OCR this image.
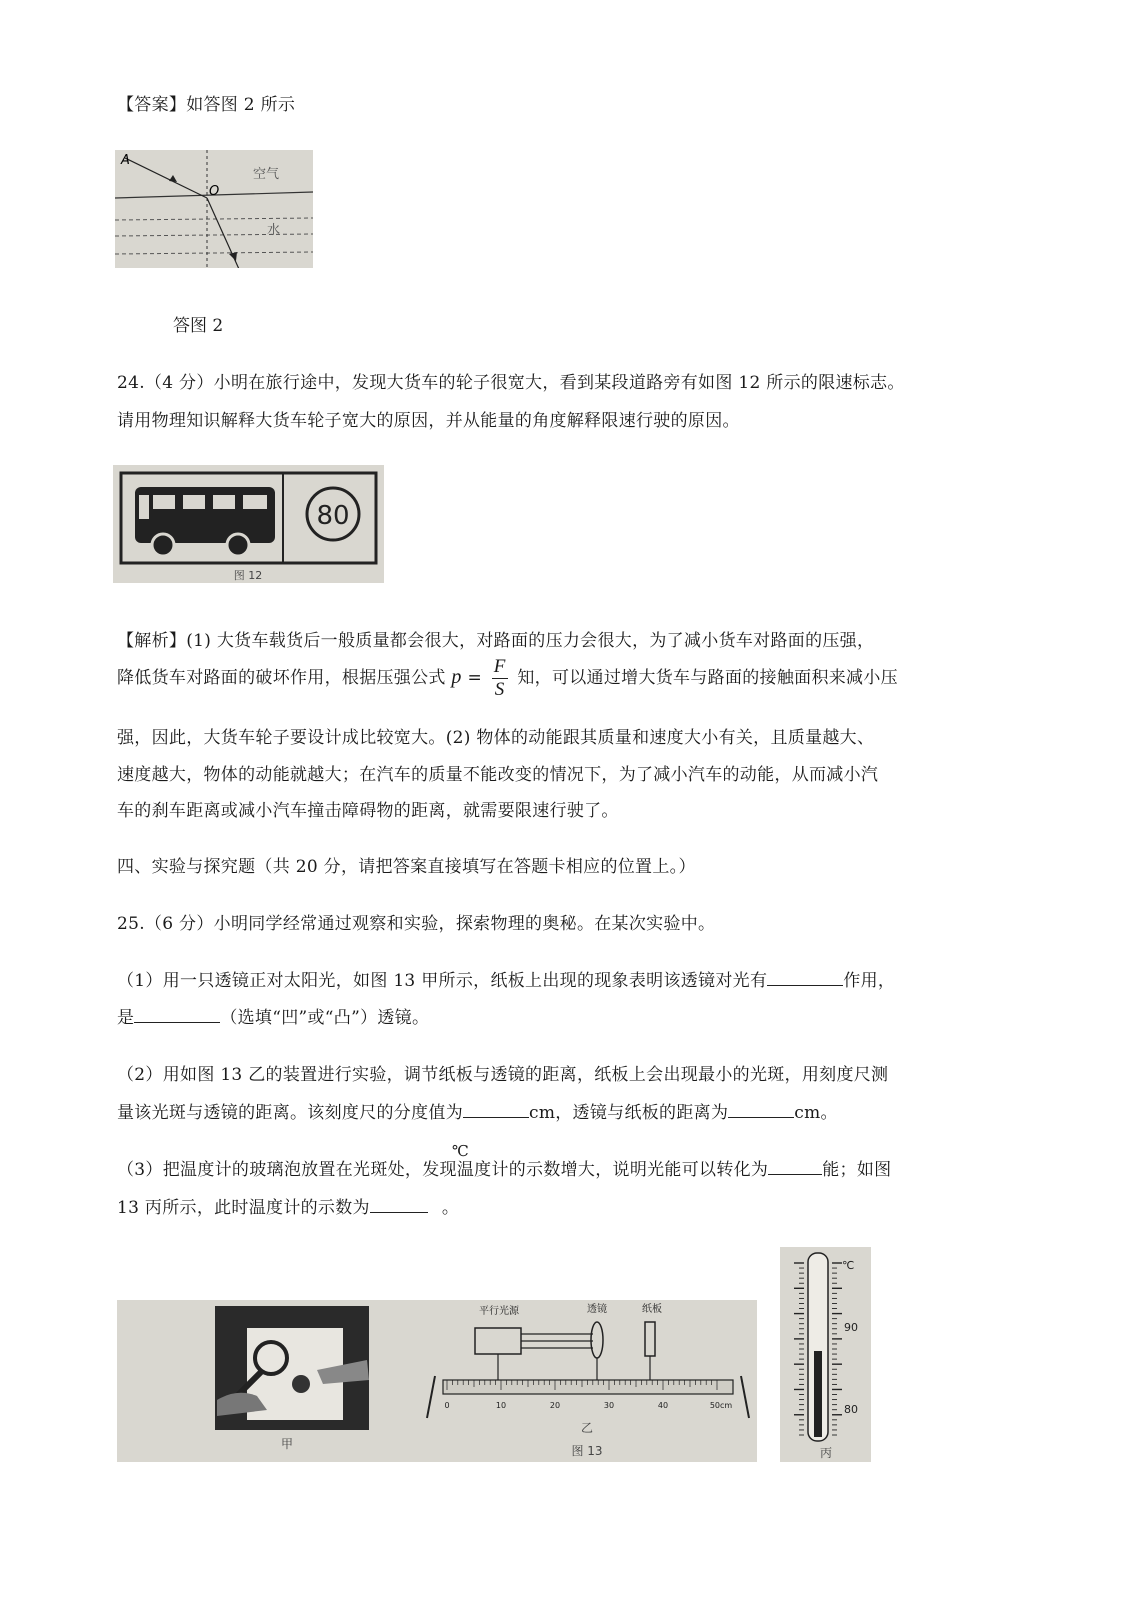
【答案】如答图 2 所示
A
O
空气
水
答图 2
24.（4 分）小明在旅行途中，发现大货车的轮子很宽大，看到某段道路旁有如图 12 所示的限速标志。
请用物理知识解释大货车轮子宽大的原因，并从能量的角度解释限速行驶的原因。
80
图 12
【解析】(1) 大货车载货后一般质量都会很大，对路面的压力会很大，为了减小货车对路面的压强，
降低货车对路面的破坏作用，根据压强公式 $p = \frac{F}{S}$ 知，可以通过增大货车与路面的接触面积来减小压
强，因此，大货车轮子要设计成比较宽大。(2) 物体的动能跟其质量和速度大小有关，且质量越大、
速度越大，物体的动能就越大；在汽车的质量不能改变的情况下，为了减小汽车的动能，从而减小汽
车的刹车距离或减小汽车撞击障碍物的距离，就需要限速行驶了。
四、实验与探究题（共 20 分，请把答案直接填写在答题卡相应的位置上。）
25.（6 分）小明同学经常通过观察和实验，探索物理的奥秘。在某次实验中。
（1）用一只透镜正对太阳光，如图 13 甲所示，纸板上出现的现象表明该透镜对光有	作用，
是	（选填“凹”或“凸”）透镜。
（2）用如图 13 乙的装置进行实验，调节纸板与透镜的距离，纸板上会出现最小的光斑，用刻度尺测
量该光斑与透镜的距离。该刻度尺的分度值为	cm，透镜与纸板的距离为	cm。
（3）把温度计的玻璃泡放置在光斑处，发现温度计的示数增大，说明光能可以转化为	能；如图
℃
13 丙所示，此时温度计的示数为	。
甲
平行光源	透镜	纸板
0	10	20	30	40	50cm
乙
图 13
℃
90
80
丙
